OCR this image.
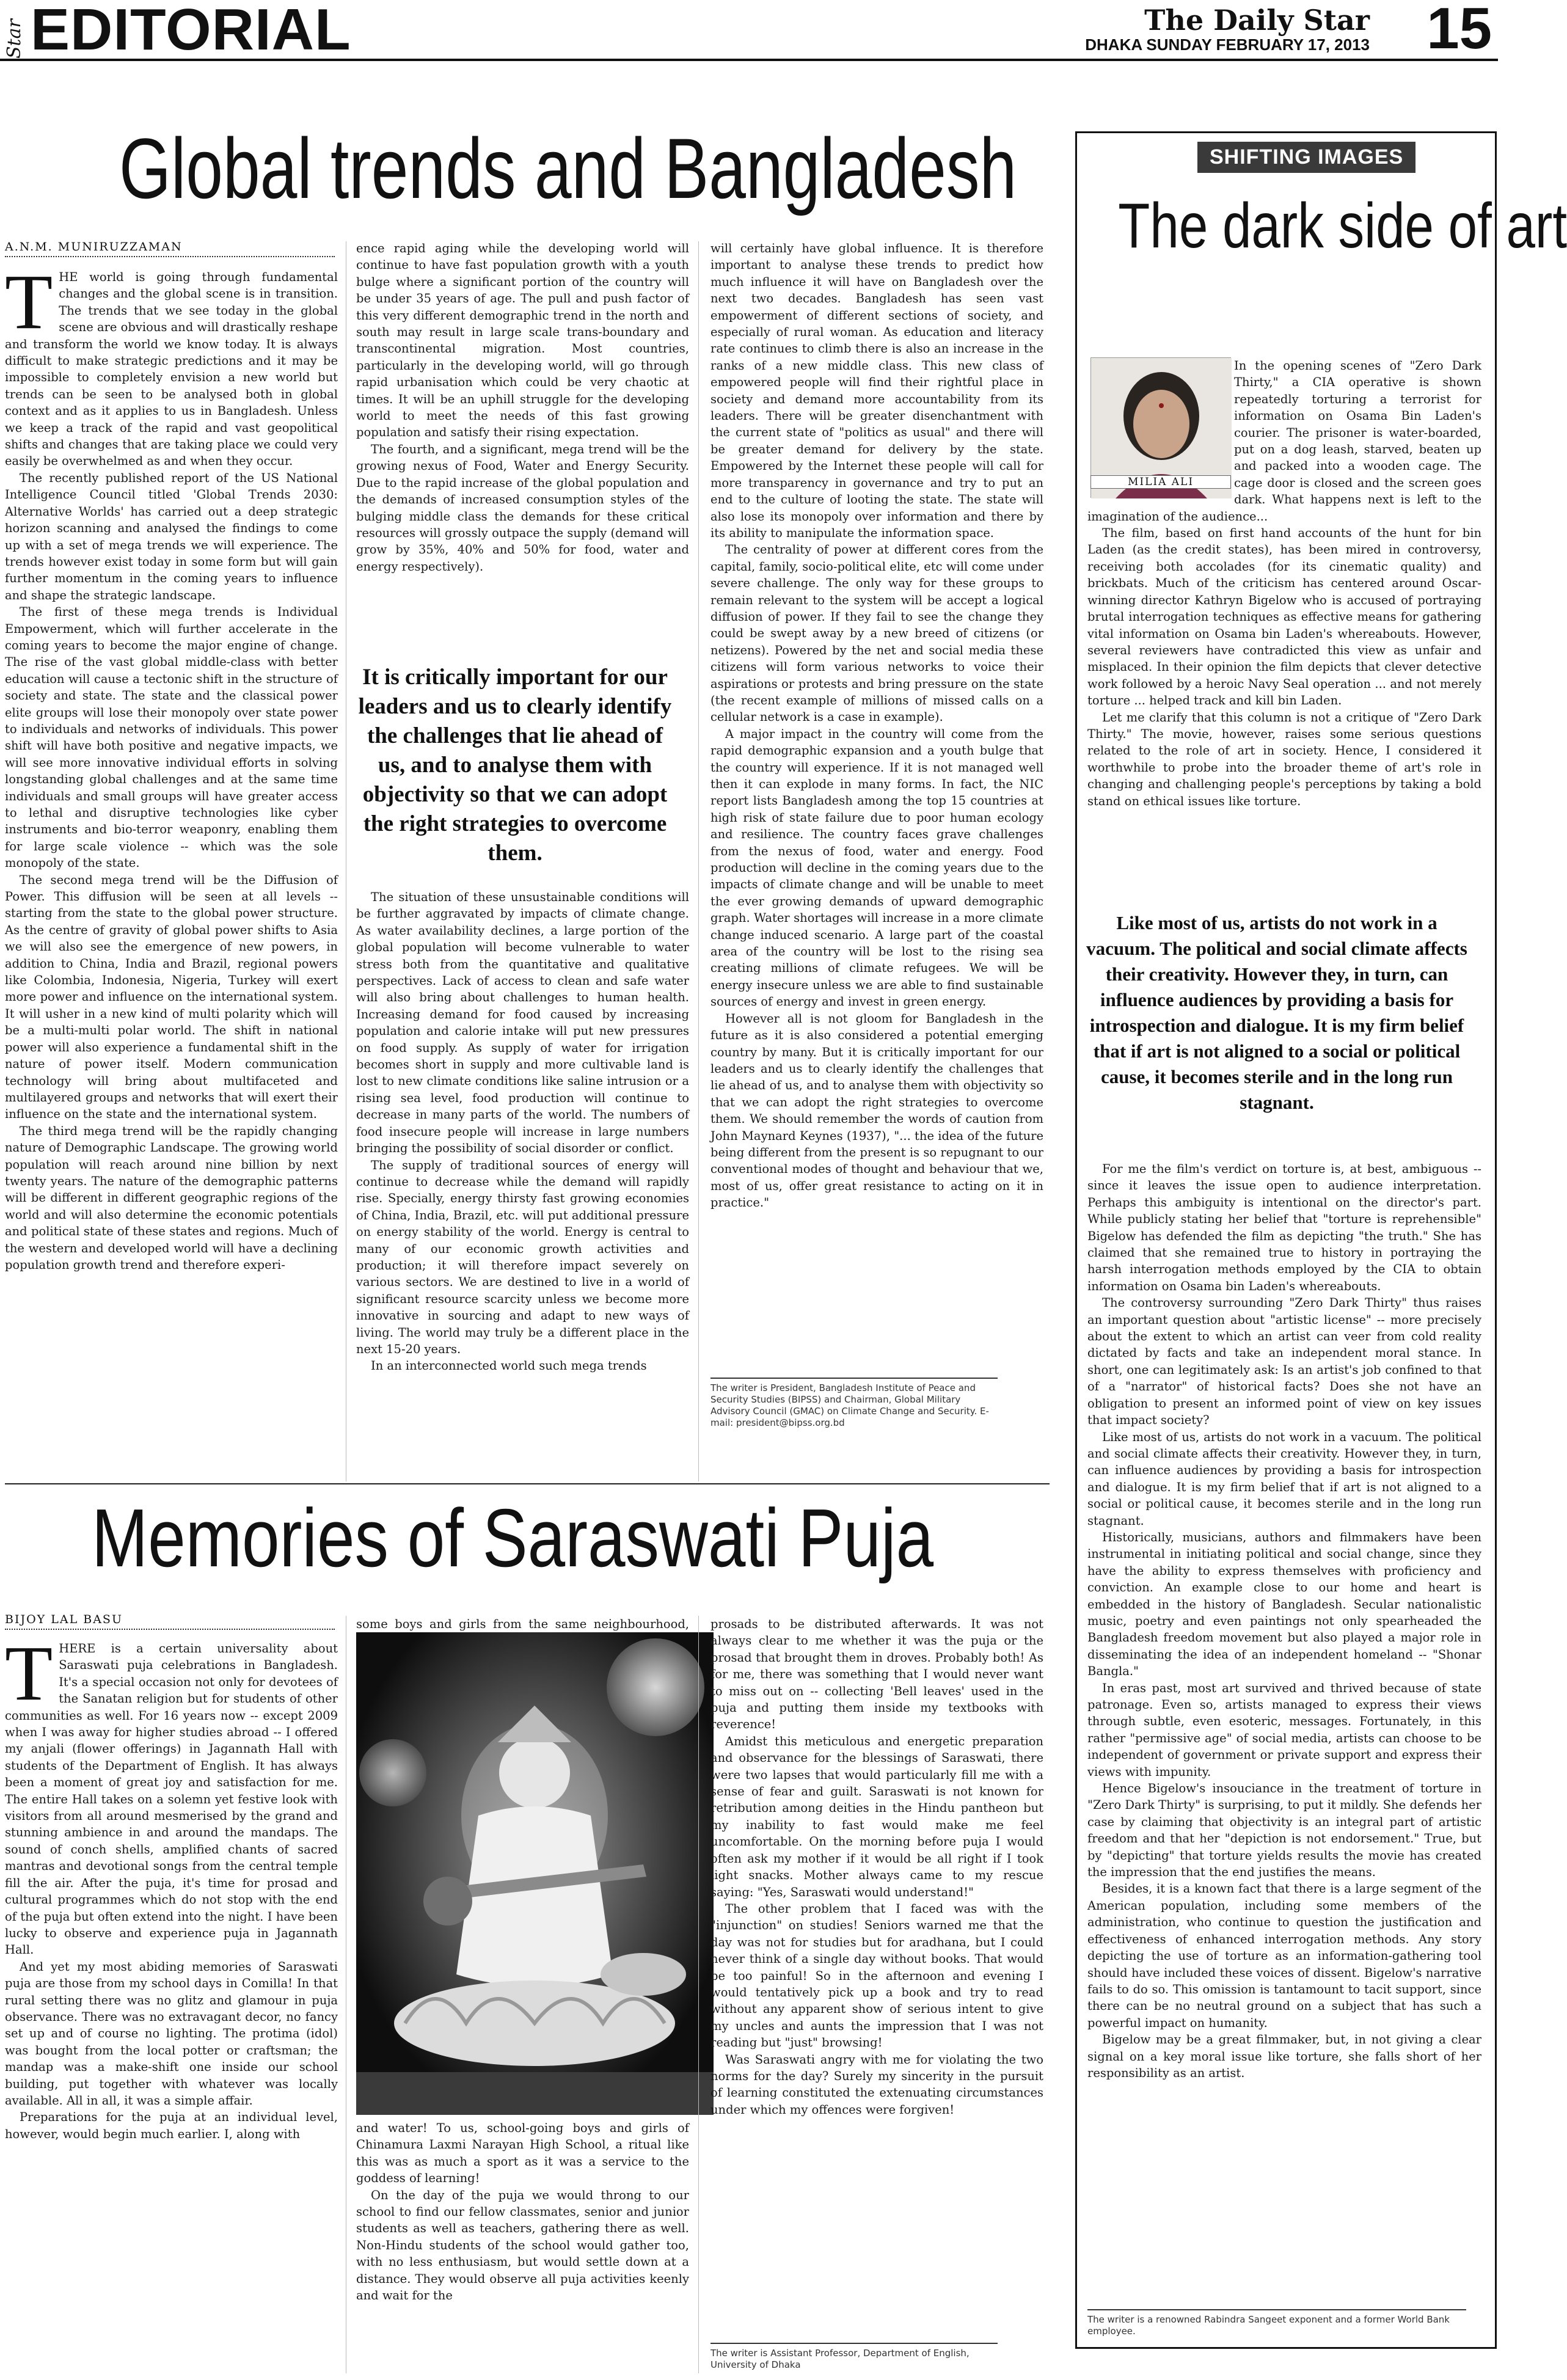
Star EDITORIAL	The Daily Star
DHAKA SUNDAY FEBRUARY 17, 2013 15
Global trends and Bangladesh
A.N.M. MUNIRUZZAMAN
T HE world is going through fundamental changes and the global scene is in transition. The trends that we see today in the global scene are obvious and will drastically reshape and transform the world we know today. It is always difficult to make strategic predictions and it may be impossible to completely envision a new world but trends can be seen to be analysed both in global context and as it applies to us in Bangladesh. Unless we keep a track of the rapid and vast geopolitical shifts and changes that are taking place we could very easily be overwhelmed as and when they occur.

The recently published report of the US National Intelligence Council titled 'Global Trends 2030: Alternative Worlds' has carried out a deep strategic horizon scanning and analysed the findings to come up with a set of mega trends we will experience. The trends however exist today in some form but will gain further momentum in the coming years to influence and shape the strategic landscape.

The first of these mega trends is Individual Empowerment, which will further accelerate in the coming years to become the major engine of change. The rise of the vast global middle-class with better education will cause a tectonic shift in the structure of society and state. The state and the classical power elite groups will lose their monopoly over state power to individuals and networks of individuals. This power shift will have both positive and negative impacts, we will see more innovative individual efforts in solving longstanding global challenges and at the same time individuals and small groups will have greater access to lethal and disruptive technologies like cyber instruments and bio-terror weaponry, enabling them for large scale violence -- which was the sole monopoly of the state.

The second mega trend will be the Diffusion of Power. This diffusion will be seen at all levels -- starting from the state to the global power structure. As the centre of gravity of global power shifts to Asia we will also see the emergence of new powers, in addition to China, India and Brazil, regional powers like Colombia, Indonesia, Nigeria, Turkey will exert more power and influence on the international system. It will usher in a new kind of multi polarity which will be a multi-multi polar world. The shift in national power will also experience a fundamental shift in the nature of power itself. Modern communication technology will bring about multifaceted and multilayered groups and networks that will exert their influence on the state and the international system.

The third mega trend will be the rapidly changing nature of Demographic Landscape. The growing world population will reach around nine billion by next twenty years. The nature of the demographic patterns will be different in different geographic regions of the world and will also determine the economic potentials and political state of these states and regions. Much of the western and developed world will have a declining population growth trend and therefore experi-

ence rapid aging while the developing world will continue to have fast population growth with a youth bulge where a significant portion of the country will be under 35 years of age. The pull and push factor of this very different demographic trend in the north and south may result in large scale trans-boundary and transcontinental migration. Most countries, particularly in the developing world, will go through rapid urbanisation which could be very chaotic at times. It will be an uphill struggle for the developing world to meet the needs of this fast growing population and satisfy their rising expectation.

The fourth, and a significant, mega trend will be the growing nexus of Food, Water and Energy Security. Due to the rapid increase of the global population and the demands of increased consumption styles of the bulging middle class the demands for these critical resources will grossly outpace the supply (demand will grow by 35%, 40% and 50% for food, water and energy respectively).

It is critically important for our leaders and us to clearly identify the challenges that lie ahead of us, and to analyse them with objectivity so that we can adopt the right strategies to overcome them.

The situation of these unsustainable conditions will be further aggravated by impacts of climate change. As water availability declines, a large portion of the global population will become vulnerable to water stress both from the quantitative and qualitative perspectives. Lack of access to clean and safe water will also bring about challenges to human health. Increasing demand for food caused by increasing population and calorie intake will put new pressures on food supply. As supply of water for irrigation becomes short in supply and more cultivable land is lost to new climate conditions like saline intrusion or a rising sea level, food production will continue to decrease in many parts of the world. The numbers of food insecure people will increase in large numbers bringing the possibility of social disorder or conflict.

The supply of traditional sources of energy will continue to decrease while the demand will rapidly rise. Specially, energy thirsty fast growing economies of China, India, Brazil, etc. will put additional pressure on energy stability of the world. Energy is central to many of our economic growth activities and production; it will therefore impact severely on various sectors. We are destined to live in a world of significant resource scarcity unless we become more innovative in sourcing and adapt to new ways of living. The world may truly be a different place in the next 15-20 years.

In an interconnected world such mega trends

will certainly have global influence. It is therefore important to analyse these trends to predict how much influence it will have on Bangladesh over the next two decades. Bangladesh has seen vast empowerment of different sections of society, and especially of rural woman. As education and literacy rate continues to climb there is also an increase in the ranks of a new middle class. This new class of empowered people will find their rightful place in society and demand more accountability from its leaders. There will be greater disenchantment with the current state of "politics as usual" and there will be greater demand for delivery by the state. Empowered by the Internet these people will call for more transparency in governance and try to put an end to the culture of looting the state. The state will also lose its monopoly over information and there by its ability to manipulate the information space.

The centrality of power at different cores from the capital, family, socio-political elite, etc will come under severe challenge. The only way for these groups to remain relevant to the system will be accept a logical diffusion of power. If they fail to see the change they could be swept away by a new breed of citizens (or netizens). Powered by the net and social media these citizens will form various networks to voice their aspirations or protests and bring pressure on the state (the recent example of millions of missed calls on a cellular network is a case in example).

A major impact in the country will come from the rapid demographic expansion and a youth bulge that the country will experience. If it is not managed well then it can explode in many forms. In fact, the NIC report lists Bangladesh among the top 15 countries at high risk of state failure due to poor human ecology and resilience. The country faces grave challenges from the nexus of food, water and energy. Food production will decline in the coming years due to the impacts of climate change and will be unable to meet the ever growing demands of upward demographic graph. Water shortages will increase in a more climate change induced scenario. A large part of the coastal area of the country will be lost to the rising sea creating millions of climate refugees. We will be energy insecure unless we are able to find sustainable sources of energy and invest in green energy.

However all is not gloom for Bangladesh in the future as it is also considered a potential emerging country by many. But it is critically important for our leaders and us to clearly identify the challenges that lie ahead of us, and to analyse them with objectivity so that we can adopt the right strategies to overcome them. We should remember the words of caution from John Maynard Keynes (1937), "... the idea of the future being different from the present is so repugnant to our conventional modes of thought and behaviour that we, most of us, offer great resistance to acting on it in practice."

The writer is President, Bangladesh Institute of Peace and Security Studies (BIPSS) and Chairman, Global Military Advisory Council (GMAC) on Climate Change and Security. E-mail: president@bipss.org.bd
Memories of Saraswati Puja
BIJOY LAL BASU
T HERE is a certain universality about Saraswati puja celebrations in Bangladesh. It's a special occasion not only for devotees of the Sanatan religion but for students of other communities as well. For 16 years now -- except 2009 when I was away for higher studies abroad -- I offered my anjali (flower offerings) in Jagannath Hall with students of the Department of English. It has always been a moment of great joy and satisfaction for me. The entire Hall takes on a solemn yet festive look with visitors from all around mesmerised by the grand and stunning ambience in and around the mandaps. The sound of conch shells, amplified chants of sacred mantras and devotional songs from the central temple fill the air. After the puja, it's time for prosad and cultural programmes which do not stop with the end of the puja but often extend into the night. I have been lucky to observe and experience puja in Jagannath Hall.

And yet my most abiding memories of Saraswati puja are those from my school days in Comilla! In that rural setting there was no glitz and glamour in puja observance. There was no extravagant decor, no fancy set up and of course no lighting. The protima (idol) was bought from the local potter or craftsman; the mandap was a make-shift one inside our school building, put together with whatever was locally available. All in all, it was a simple affair.

Preparations for the puja at an individual level, however, would begin much earlier. I, along with

some boys and girls from the same neighbourhood,

and water! To us, school-going boys and girls of Chinamura Laxmi Narayan High School, a ritual like this was as much a sport as it was a service to the goddess of learning!

On the day of the puja we would throng to our school to find our fellow classmates, senior and junior students as well as teachers, gathering there as well. Non-Hindu students of the school would gather too, with no less enthusiasm, but would settle down at a distance. They would observe all puja activities keenly and wait for the

prosads to be distributed afterwards. It was not always clear to me whether it was the puja or the prosad that brought them in droves. Probably both! As for me, there was something that I would never want to miss out on -- collecting 'Bell leaves' used in the puja and putting them inside my textbooks with reverence!

Amidst this meticulous and energetic preparation and observance for the blessings of Saraswati, there were two lapses that would particularly fill me with a sense of fear and guilt. Saraswati is not known for retribution among deities in the Hindu pantheon but my inability to fast would make me feel uncomfortable. On the morning before puja I would often ask my mother if it would be all right if I took light snacks. Mother always came to my rescue saying: "Yes, Saraswati would understand!"

The other problem that I faced was with the "injunction" on studies! Seniors warned me that the day was not for studies but for aradhana, but I could never think of a single day without books. That would be too painful! So in the afternoon and evening I would tentatively pick up a book and try to read without any apparent show of serious intent to give my uncles and aunts the impression that I was not reading but "just" browsing!

Was Saraswati angry with me for violating the two norms for the day? Surely my sincerity in the pursuit of learning constituted the extenuating circumstances under which my offences were forgiven!

The writer is Assistant Professor, Department of English, University of Dhaka
SHIFTING IMAGES
The dark side of art
MILIA ALI

In the opening scenes of "Zero Dark Thirty," a CIA operative is shown repeatedly torturing a terrorist for information on Osama Bin Laden's courier. The prisoner is water-boarded, put on a dog leash, starved, beaten up and packed into a wooden cage. The cage door is closed and the screen goes dark. What happens next is left to the imagination of the audience...

The film, based on first hand accounts of the hunt for bin Laden (as the credit states), has been mired in controversy, receiving both accolades (for its cinematic quality) and brickbats. Much of the criticism has centered around Oscar-winning director Kathryn Bigelow who is accused of portraying brutal interrogation techniques as effective means for gathering vital information on Osama bin Laden's whereabouts. However, several reviewers have contradicted this view as unfair and misplaced. In their opinion the film depicts that clever detective work followed by a heroic Navy Seal operation ... and not merely torture ... helped track and kill bin Laden.

Let me clarify that this column is not a critique of "Zero Dark Thirty." The movie, however, raises some serious questions related to the role of art in society. Hence, I considered it worthwhile to probe into the broader theme of art's role in changing and challenging people's perceptions by taking a bold stand on ethical issues like torture.

Like most of us, artists do not work in a vacuum. The political and social climate affects their creativity. However they, in turn, can influence audiences by providing a basis for introspection and dialogue. It is my firm belief that if art is not aligned to a social or political cause, it becomes sterile and in the long run stagnant.

For me the film's verdict on torture is, at best, ambiguous -- since it leaves the issue open to audience interpretation. Perhaps this ambiguity is intentional on the director's part. While publicly stating her belief that "torture is reprehensible" Bigelow has defended the film as depicting "the truth." She has claimed that she remained true to history in portraying the harsh interrogation methods employed by the CIA to obtain information on Osama bin Laden's whereabouts.

The controversy surrounding "Zero Dark Thirty" thus raises an important question about "artistic license" -- more precisely about the extent to which an artist can veer from cold reality dictated by facts and take an independent moral stance. In short, one can legitimately ask: Is an artist's job confined to that of a "narrator" of historical facts? Does she not have an obligation to present an informed point of view on key issues that impact society?

Like most of us, artists do not work in a vacuum. The political and social climate affects their creativity. However they, in turn, can influence audiences by providing a basis for introspection and dialogue. It is my firm belief that if art is not aligned to a social or political cause, it becomes sterile and in the long run stagnant.

Historically, musicians, authors and filmmakers have been instrumental in initiating political and social change, since they have the ability to express themselves with proficiency and conviction. An example close to our home and heart is embedded in the history of Bangladesh. Secular nationalistic music, poetry and even paintings not only spearheaded the Bangladesh freedom movement but also played a major role in disseminating the idea of an independent homeland -- "Shonar Bangla."

In eras past, most art survived and thrived because of state patronage. Even so, artists managed to express their views through subtle, even esoteric, messages. Fortunately, in this rather "permissive age" of social media, artists can choose to be independent of government or private support and express their views with impunity.

Hence Bigelow's insouciance in the treatment of torture in "Zero Dark Thirty" is surprising, to put it mildly. She defends her case by claiming that objectivity is an integral part of artistic freedom and that her "depiction is not endorsement." True, but by "depicting" that torture yields results the movie has created the impression that the end justifies the means.

Besides, it is a known fact that there is a large segment of the American population, including some members of the administration, who continue to question the justification and effectiveness of enhanced interrogation methods. Any story depicting the use of torture as an information-gathering tool should have included these voices of dissent. Bigelow's narrative fails to do so. This omission is tantamount to tacit support, since there can be no neutral ground on a subject that has such a powerful impact on humanity.

Bigelow may be a great filmmaker, but, in not giving a clear signal on a key moral issue like torture, she falls short of her responsibility as an artist.

The writer is a renowned Rabindra Sangeet exponent and a former World Bank employee.
